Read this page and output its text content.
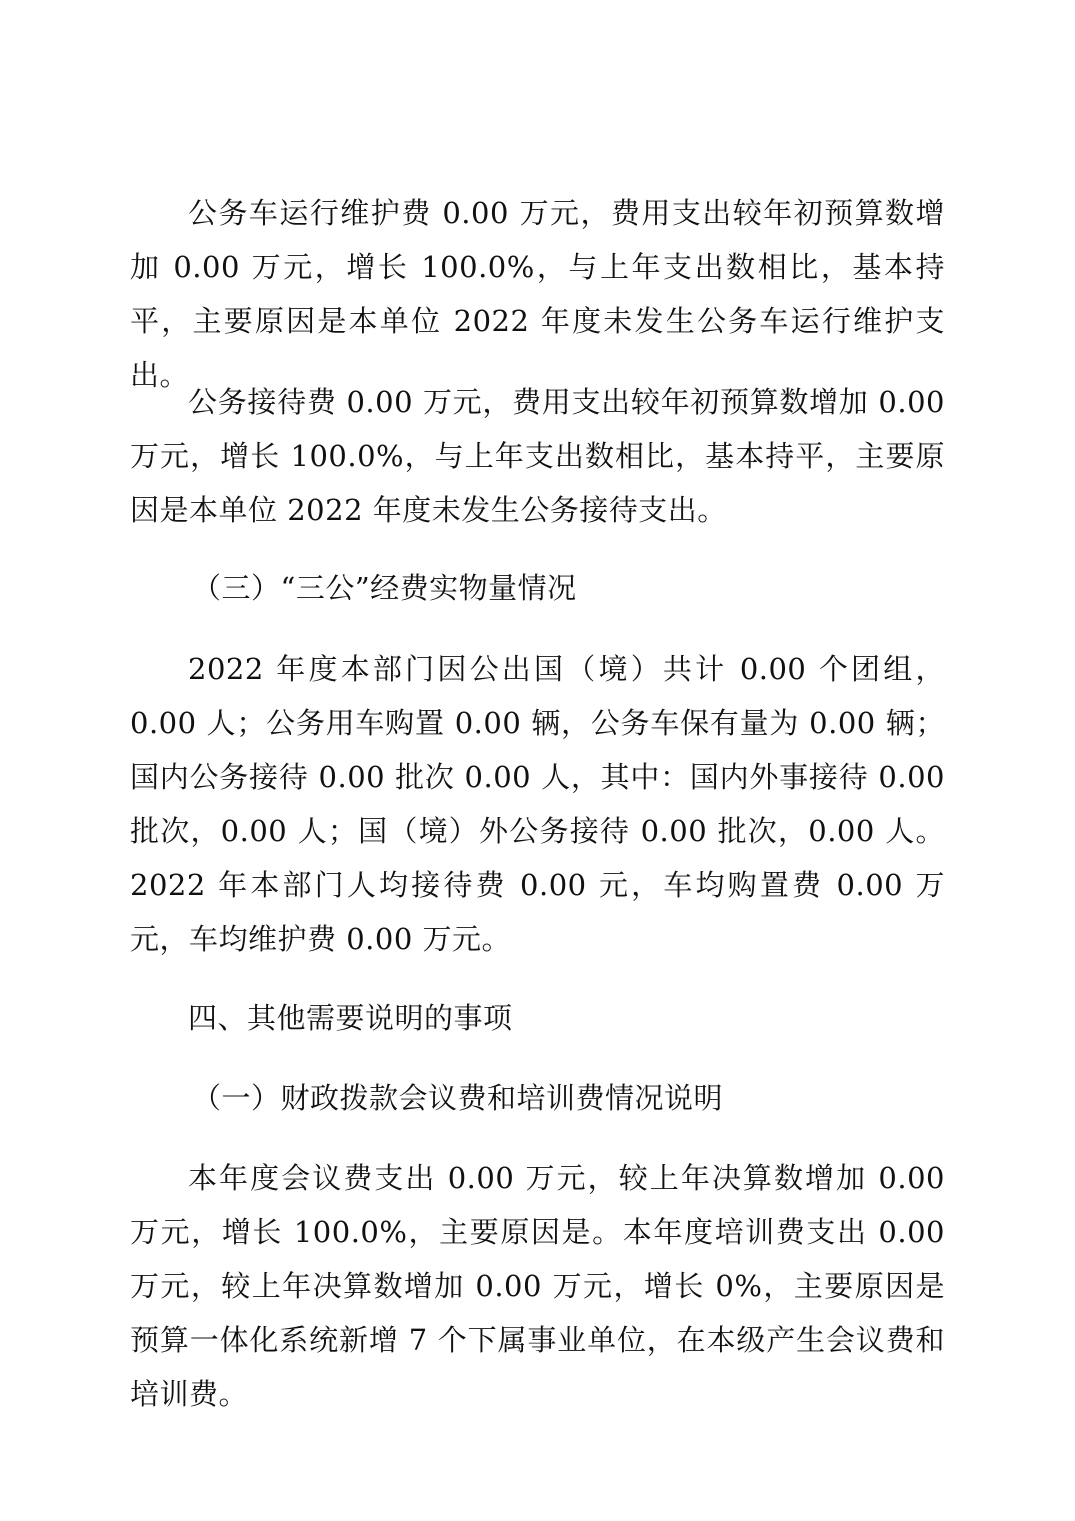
公务车运行维护费 0.00 万元，费用支出较年初预算数增加 0.00 万元，增长 100.0%，与上年支出数相比，基本持平，主要原因是本单位 2022 年度未发生公务车运行维护支出。

公务接待费 0.00 万元，费用支出较年初预算数增加 0.00 万元，增长 100.0%，与上年支出数相比，基本持平，主要原因是本单位 2022 年度未发生公务接待支出。

（三）“三公”经费实物量情况

2022 年度本部门因公出国（境）共计 0.00 个团组，0.00 人；公务用车购置 0.00 辆，公务车保有量为 0.00 辆；国内公务接待 0.00 批次 0.00 人，其中：国内外事接待 0.00 批次，0.00 人；国（境）外公务接待 0.00 批次，0.00 人。2022 年本部门人均接待费 0.00 元，车均购置费 0.00 万元，车均维护费 0.00 万元。

四、其他需要说明的事项

（一）财政拨款会议费和培训费情况说明

本年度会议费支出 0.00 万元，较上年决算数增加 0.00 万元，增长 100.0%，主要原因是。本年度培训费支出 0.00 万元，较上年决算数增加 0.00 万元，增长 0%，主要原因是预算一体化系统新增 7 个下属事业单位，在本级产生会议费和培训费。
